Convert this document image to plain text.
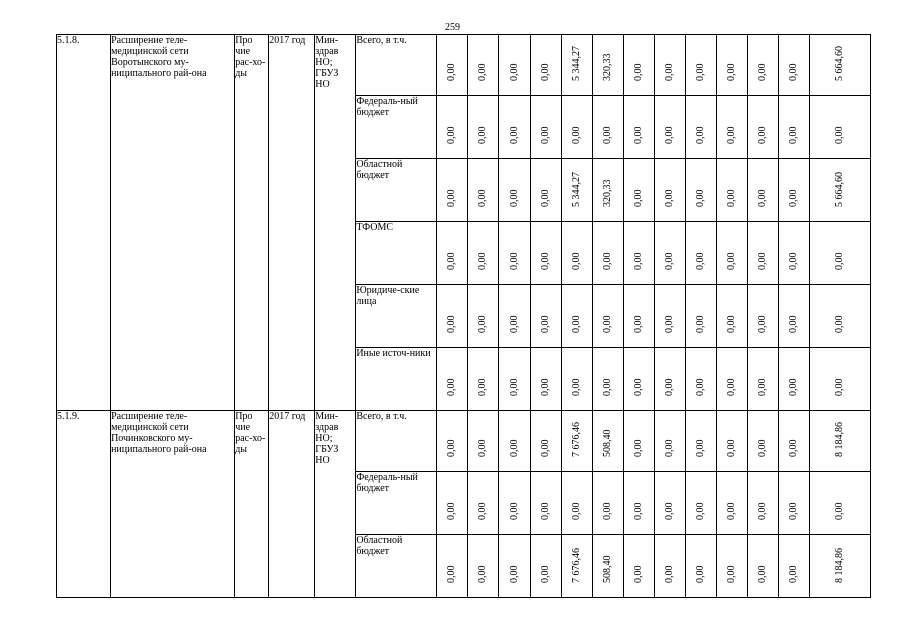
259
5.1.8.	Расширение теле-медицинской сети Воротынского му-ниципального рай-она	Про чие рас-хо-ды	2017 год	Мин-здрав НО; ГБУЗ НО	Всего, в т.ч.	0,00	0,00	0,00	0,00	5 344,27	320,33	0,00	0,00	0,00	0,00	0,00	0,00	5 664,60

					Федераль-ный бюджет	0,00	0,00	0,00	0,00	0,00	0,00	0,00	0,00	0,00	0,00	0,00	0,00	0,00

					Областной бюджет	0,00	0,00	0,00	0,00	5 344,27	320,33	0,00	0,00	0,00	0,00	0,00	0,00	5 664,60

					ТФОМС	0,00	0,00	0,00	0,00	0,00	0,00	0,00	0,00	0,00	0,00	0,00	0,00	0,00

					Юридиче-ские лица	0,00	0,00	0,00	0,00	0,00	0,00	0,00	0,00	0,00	0,00	0,00	0,00	0,00

					Иные источ-ники	0,00	0,00	0,00	0,00	0,00	0,00	0,00	0,00	0,00	0,00	0,00	0,00	0,00

5.1.9.	Расширение теле-медицинской сети Починковского му-ниципального рай-она	Про чие рас-хо-ды	2017 год	Мин-здрав НО; ГБУЗ НО	Всего, в т.ч.	0,00	0,00	0,00	0,00	7 676,46	508,40	0,00	0,00	0,00	0,00	0,00	0,00	8 184,86

					Федераль-ный бюджет	0,00	0,00	0,00	0,00	0,00	0,00	0,00	0,00	0,00	0,00	0,00	0,00	0,00

					Областной бюджет	0,00	0,00	0,00	0,00	7 676,46	508,40	0,00	0,00	0,00	0,00	0,00	0,00	8 184,86
